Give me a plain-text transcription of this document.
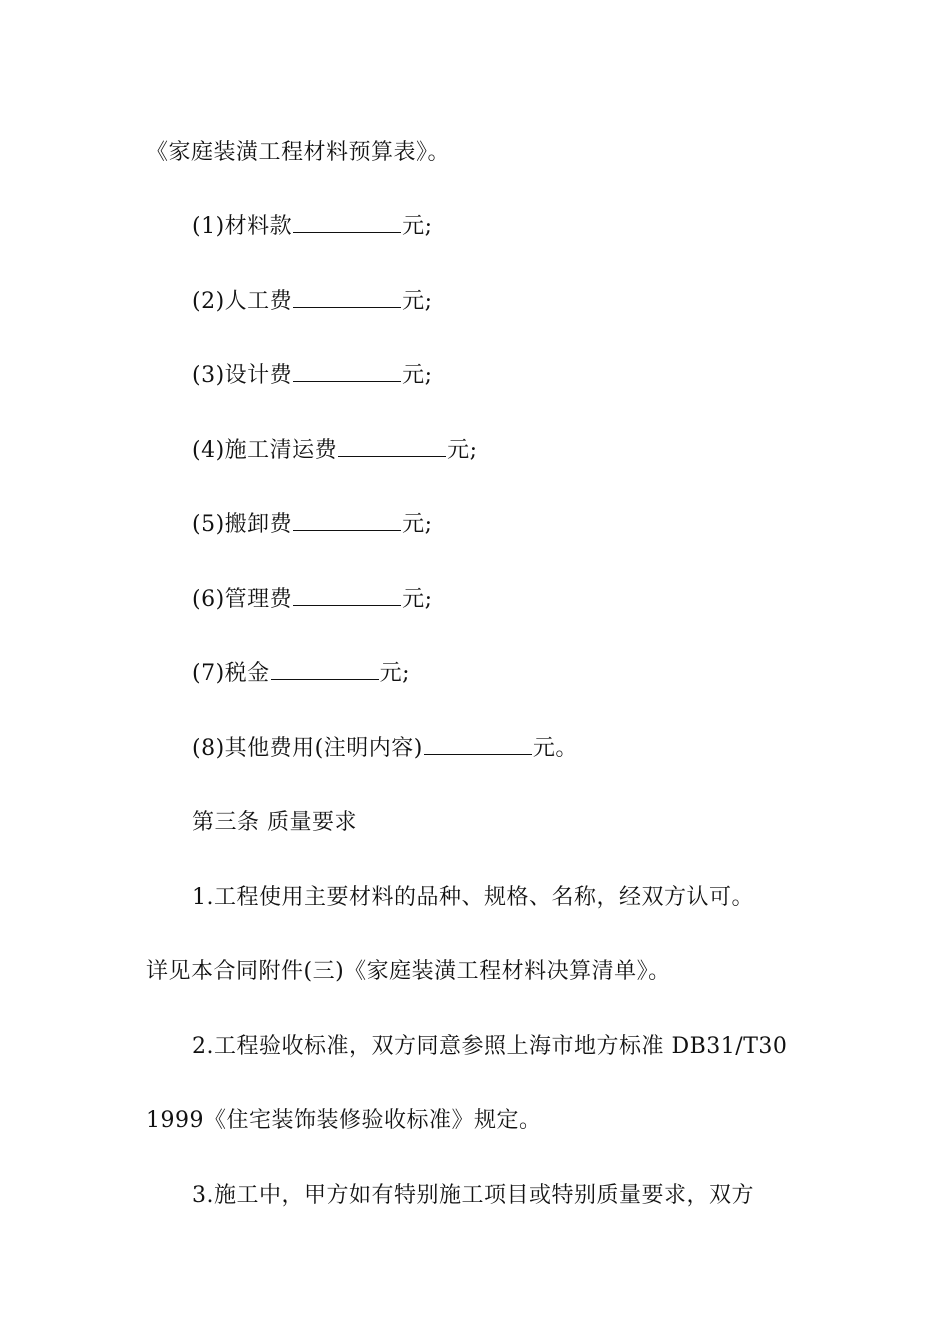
《家庭装潢工程材料预算表》。
(1)材料款	元;
(2)人工费	元;
(3)设计费	元;
(4)施工清运费	元;
(5)搬卸费	元;
(6)管理费	元;
(7)税金	元;
(8)其他费用(注明内容)	元。
第三条 质量要求
1.工程使用主要材料的品种、规格、名称，经双方认可。
详见本合同附件(三)《家庭装潢工程材料决算清单》。
2.工程验收标准，双方同意参照上海市地方标准 DB31/T30
1999《住宅装饰装修验收标准》规定。
3.施工中，甲方如有特别施工项目或特别质量要求，双方
